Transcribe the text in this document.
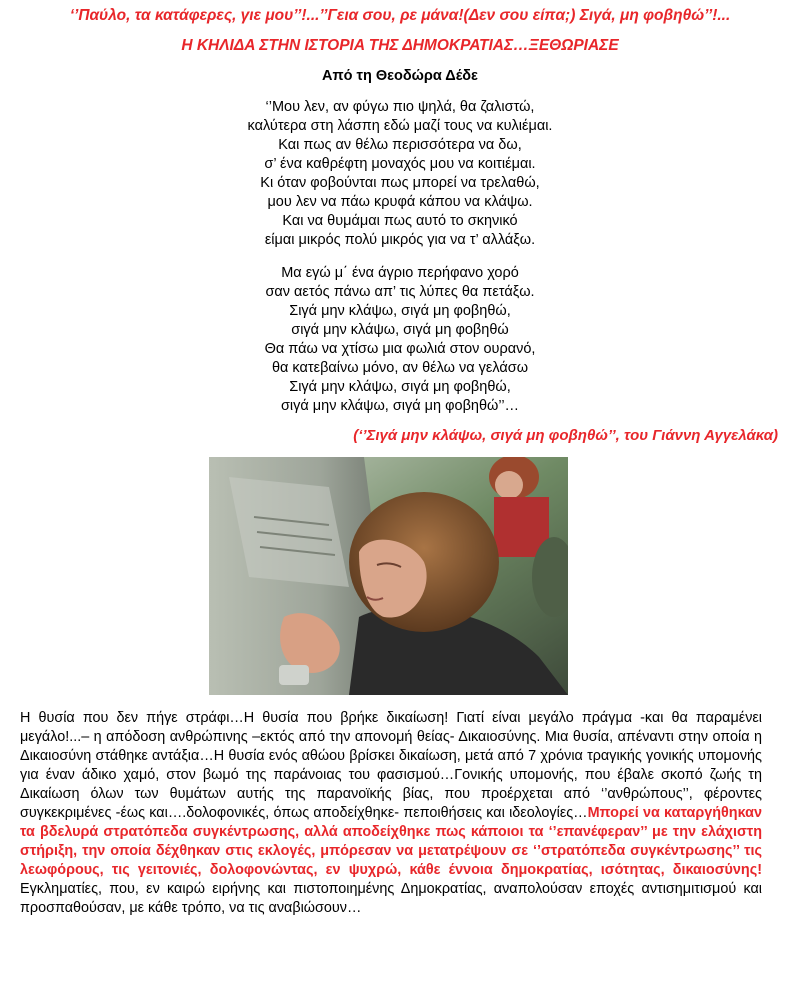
‘’Παύλο, τα κατάφερες, γιε μου’’!...’’Γεια σου, ρε μάνα!(Δεν σου είπα;) Σιγά, μη φοβηθώ’’!...
Η ΚΗΛΙΔΑ ΣΤΗΝ ΙΣΤΟΡΙΑ ΤΗΣ ΔΗΜΟΚΡΑΤΙΑΣ…ΞΕΘΩΡΙΑΣΕ
Από τη Θεοδώρα Δέδε
‘’Μου λεν, αν φύγω πιο ψηλά, θα ζαλιστώ,
καλύτερα στη λάσπη εδώ μαζί τους να κυλιέμαι.
Και πως αν θέλω περισσότερα να δω,
σ’ ένα καθρέφτη μοναχός μου να κοιτιέμαι.
Κι όταν φοβούνται πως μπορεί να τρελαθώ,
μου λεν να πάω κρυφά κάπου να κλάψω.
Και να θυμάμαι πως αυτό το σκηνικό
είμαι μικρός πολύ μικρός για να τ’ αλλάξω.
Μα εγώ μ΄ ένα άγριο περήφανο χορό
σαν αετός πάνω απ’ τις λύπες θα πετάξω.
Σιγά μην κλάψω, σιγά μη φοβηθώ,
σιγά μην κλάψω, σιγά μη φοβηθώ
Θα πάω να χτίσω μια φωλιά στον ουρανό,
θα κατεβαίνω μόνο, αν θέλω να γελάσω
Σιγά μην κλάψω, σιγά μη φοβηθώ,
σιγά μην κλάψω, σιγά μη φοβηθώ’’…
(‘’Σιγά μην κλάψω, σιγά μη φοβηθώ’’, του Γιάννη Αγγελάκα)
Η θυσία που δεν πήγε στράφι…Η θυσία που βρήκε δικαίωση! Γιατί είναι μεγάλο πράγμα -και θα παραμένει μεγάλο!...– η απόδοση ανθρώπινης –εκτός από την απονομή θείας- Δικαιοσύνης. Μια θυσία, απέναντι στην οποία η Δικαιοσύνη στάθηκε αντάξια…Η θυσία ενός αθώου βρίσκει δικαίωση, μετά από 7 χρόνια τραγικής γονικής υπομονής για έναν άδικο χαμό, στον βωμό της παράνοιας του φασισμού…Γονικής υπομονής, που έβαλε σκοπό ζωής τη Δικαίωση όλων των θυμάτων αυτής της παρανοϊκής βίας, που προέρχεται από ‘’ανθρώπους’’, φέροντες συγκεκριμένες -έως και….δολοφονικές, όπως αποδείχθηκε- πεποιθήσεις και ιδεολογίες…Μπορεί να καταργήθηκαν τα βδελυρά στρατόπεδα συγκέντρωσης, αλλά αποδείχθηκε πως κάποιοι τα ‘’επανέφεραν’’ με την ελάχιστη στήριξη, την οποία δέχθηκαν στις εκλογές, μπόρεσαν να μετατρέψουν σε ‘’στρατόπεδα συγκέντρωσης’’ τις λεωφόρους, τις γειτονιές, δολοφονώντας, εν ψυχρώ, κάθε έννοια δημοκρατίας, ισότητας, δικαιοσύνης! Εγκληματίες, που, εν καιρώ ειρήνης και πιστοποιημένης Δημοκρατίας, αναπολούσαν εποχές αντισημιτισμού και προσπαθούσαν, με κάθε τρόπο, να τις αναβιώσουν…
